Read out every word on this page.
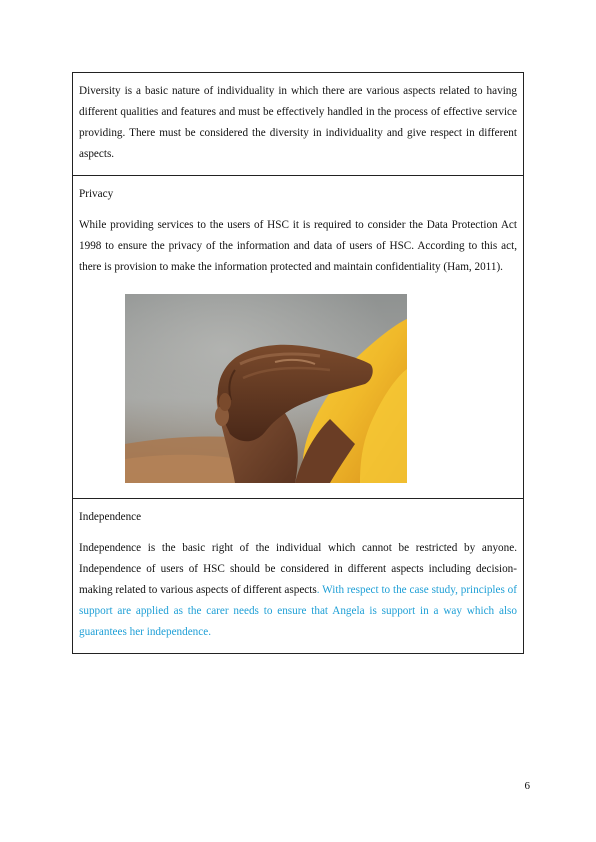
Diversity is a basic nature of individuality in which there are various aspects related to having different qualities and features and must be effectively handled in the process of effective service providing. There must be considered the diversity in individuality and give respect in different aspects.

Privacy

While providing services to the users of HSC it is required to consider the Data Protection Act 1998 to ensure the privacy of the information and data of users of HSC. According to this act, there is provision to make the information protected and maintain confidentiality (Ham, 2011).

Independence

Independence is the basic right of the individual which cannot be restricted by anyone. Independence of users of HSC should be considered in different aspects including decision-making related to various aspects of different aspects. With respect to the case study, principles of support are applied as the carer needs to ensure that Angela is support in a way which also guarantees her independence.

6
